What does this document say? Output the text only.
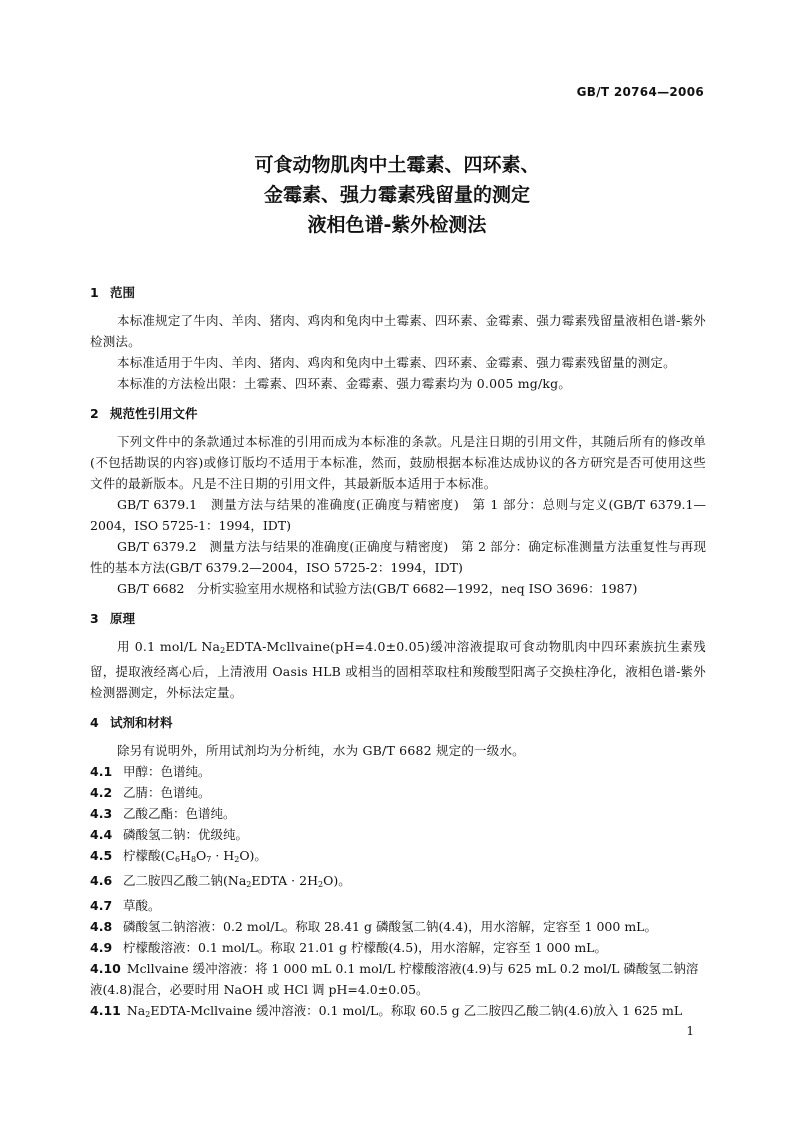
GB/T 20764—2006
可食动物肌肉中土霉素、四环素、
金霉素、强力霉素残留量的测定
液相色谱-紫外检测法
1 范围
本标准规定了牛肉、羊肉、猪肉、鸡肉和兔肉中土霉素、四环素、金霉素、强力霉素残留量液相色谱-紫外检测法。
本标准适用于牛肉、羊肉、猪肉、鸡肉和兔肉中土霉素、四环素、金霉素、强力霉素残留量的测定。
本标准的方法检出限：土霉素、四环素、金霉素、强力霉素均为 0.005 mg/kg。
2 规范性引用文件
下列文件中的条款通过本标准的引用而成为本标准的条款。凡是注日期的引用文件，其随后所有的修改单(不包括勘误的内容)或修订版均不适用于本标准，然而，鼓励根据本标准达成协议的各方研究是否可使用这些文件的最新版本。凡是不注日期的引用文件，其最新版本适用于本标准。
GB/T 6379.1　测量方法与结果的准确度(正确度与精密度)　第 1 部分：总则与定义(GB/T 6379.1—2004，ISO 5725-1：1994，IDT)
GB/T 6379.2　测量方法与结果的准确度(正确度与精密度)　第 2 部分：确定标准测量方法重复性与再现性的基本方法(GB/T 6379.2—2004，ISO 5725-2：1994，IDT)
GB/T 6682　分析实验室用水规格和试验方法(GB/T 6682—1992，neq ISO 3696：1987)
3 原理
用 0.1 mol/L $Na_2EDTA-Mcllvaine(pH=4.0\pm 0.05)$缓冲溶液提取可食动物肌肉中四环素族抗生素残留，提取液经离心后，上清液用 Oasis HLB 或相当的固相萃取柱和羧酸型阳离子交换柱净化，液相色谱-紫外检测器测定，外标法定量。
4 试剂和材料
除另有说明外，所用试剂均为分析纯，水为 GB/T 6682 规定的一级水。
4.1 甲醇：色谱纯。
4.2 乙腈：色谱纯。
4.3 乙酸乙酯：色谱纯。
4.4 磷酸氢二钠：优级纯。
4.5 柠檬酸$(C_6H_8O_7 \cdot H_2O)$。
4.6 乙二胺四乙酸二钠$(Na_2EDTA \cdot 2H_2O)$。
4.7 草酸。
4.8 磷酸氢二钠溶液：0.2 mol/L。称取 28.41 g 磷酸氢二钠(4.4)，用水溶解，定容至 1 000 mL。
4.9 柠檬酸溶液：0.1 mol/L。称取 21.01 g 柠檬酸(4.5)，用水溶解，定容至 1 000 mL。
4.10 Mcllvaine 缓冲溶液：将 1 000 mL 0.1 mol/L 柠檬酸溶液(4.9)与 625 mL 0.2 mol/L 磷酸氢二钠溶液(4.8)混合，必要时用 NaOH 或 HCl 调 pH=4.0±0.05。
4.11 $Na_2EDTA$-Mcllvaine 缓冲溶液：0.1 mol/L。称取 60.5 g 乙二胺四乙酸二钠(4.6)放入 1 625 mL
1
